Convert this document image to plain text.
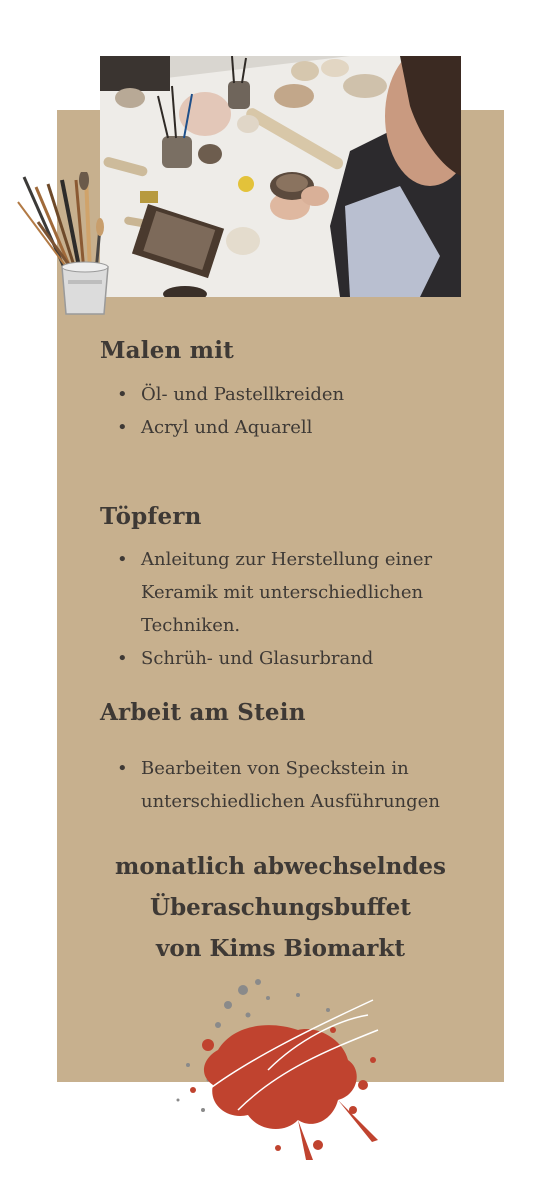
Malen mit
• Öl- und Pastellkreiden
• Acryl und Aquarell
Töpfern
• Anleitung zur Herstellung einer Keramik mit unterschiedlichen Techniken.
• Schrüh- und Glasurbrand
Arbeit am Stein
• Bearbeiten von Speckstein in unterschiedlichen Ausführungen

monatlich abwechselndes
Überaschungsbuffet
von Kims Biomarkt
